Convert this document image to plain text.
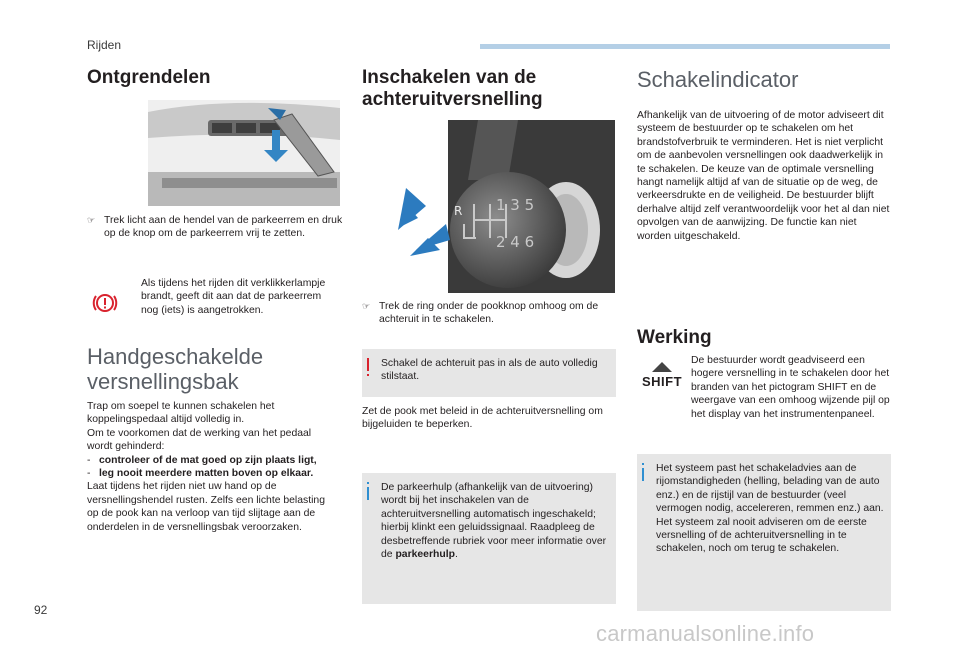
Rijden
92
carmanualsonline.info
Ontgrendelen
☞ Trek licht aan de hendel van de parkeerrem en druk op de knop om de parkeerrem vrij te zetten.
Als tijdens het rijden dit verklikkerlampje brandt, geeft dit aan dat de parkeerrem nog (iets) is aangetrokken.
Handgeschakelde
versnellingsbak
Trap om soepel te kunnen schakelen het
koppelingspedaal altijd volledig in.
Om te voorkomen dat de werking van het pedaal
wordt gehinderd:
- controleer of de mat goed op zijn plaats ligt,
- leg nooit meerdere matten boven op elkaar.
Laat tijdens het rijden niet uw hand op de
versnellingshendel rusten. Zelfs een lichte belasting
op de pook kan na verloop van tijd slijtage aan de
onderdelen in de versnellingsbak veroorzaken.
Inschakelen van de
achteruitversnelling
1 3 5
2 4 6
R
☞ Trek de ring onder de pookknop omhoog om de achteruit in te schakelen.
Schakel de achteruit pas in als de auto volledig stilstaat.
Zet de pook met beleid in de achteruitversnelling om bijgeluiden te beperken.
De parkeerhulp (afhankelijk van de uitvoering) wordt bij het inschakelen van de achteruitversnelling automatisch ingeschakeld; hierbij klinkt een geluidssignaal. Raadpleeg de desbetreffende rubriek voor meer informatie over de parkeerhulp.
Schakelindicator
Afhankelijk van de uitvoering of de motor adviseert dit systeem de bestuurder op te schakelen om het brandstofverbruik te verminderen. Het is niet verplicht om de aanbevolen versnellingen ook daadwerkelijk in te schakelen. De keuze van de optimale versnelling hangt namelijk altijd af van de situatie op de weg, de verkeersdrukte en de veiligheid. De bestuurder blijft derhalve altijd zelf verantwoordelijk voor het al dan niet opvolgen van de aanwijzing. De functie kan niet worden uitgeschakeld.
Werking
SHIFT
De bestuurder wordt geadviseerd een hogere versnelling in te schakelen door het branden van het pictogram SHIFT en de weergave van een omhoog wijzende pijl op het display van het instrumentenpaneel.
Het systeem past het schakeladvies aan de rijomstandigheden (helling, belading van de auto enz.) en de rijstijl van de bestuurder (veel vermogen nodig, accelereren, remmen enz.) aan. Het systeem zal nooit adviseren om de eerste versnelling of de achteruitversnelling in te schakelen, noch om terug te schakelen.
